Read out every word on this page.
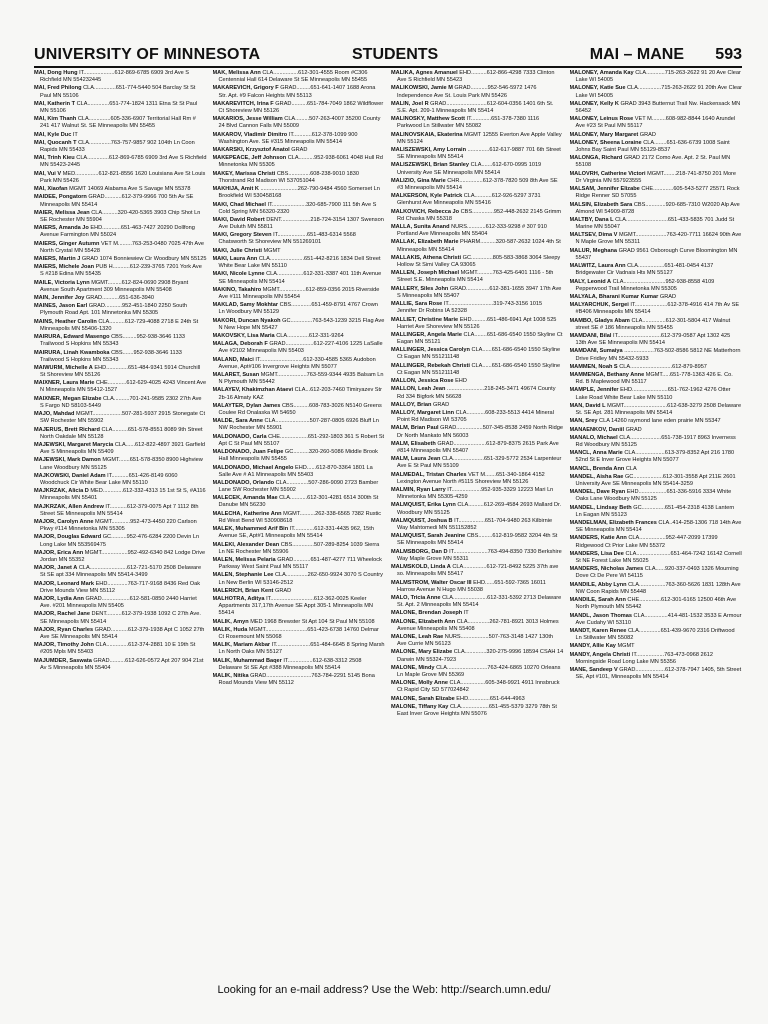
UNIVERSITY OF MINNESOTA	STUDENTS	MAI – MANE 593
MAI, Dong Hung IT....................612-869-6785 6909 3rd Ave S Richfield MN 554232445
MAI, Fred Philong CLA..............651-774-5440 504 Barclay St St Paul MN 55106
MAI, Katherin T CLA..............651-774-1824 1311 Etna St St Paul MN 55106
MAI, Kim Thanh CLA..............605-336-6907 Territorial Hall Rm # 241 417 Walnut St. SE Minneapolis MN 55455
MAI, Kyle Duc IT
MAI, Quocanh T CLA..............763-757-9857 902 104th Ln Coon Rapids MN 55433
MAI, Trinh Kieu CLA..............612-869-6785 6909 3rd Ave S Richfield MN 55423-2445
MAI, Vui V MED...............612-821-8556 1620 Louisiana Ave St Louis Park MN 55426
MAI, Xiaofan MGMT 14069 Alabama Ave S Savage MN 55378
MAIDEE, Pongatorn GRAD...........612-379-9966 700 5th Av SE Minneapolis MN 55414
MAIER, Melissa Jean CLA..........320-420-5365 3903 Chip Shot Ln SE Rochester MN 55904
MAIERS, Amanda Jo EHD............651-463-7427 20290 Dollfong Avenue Farmington MN 55024
MAIERS, Ginger Autumn VET M.........763-253-0480 7025 47th Ave North Crystal MN 55428
MAIERS, Martin J GRAD 1074 Bonniewiew Cir Woodbury MN 55125
MAIERS, Michele Joan PUB H...........612-239-3765 7201 York Ave S #218 Edina MN 55435
MAILE, Victoria Lynn MGMT.........612-824-0690 2908 Bryant Avenue South Apartment 309 Minneapolis MN 55408
MAIN, Jennifer Joy GRAD...........651-636-3940
MAINES, Jason Earl GRAD...........952-451-1840 2250 South Plymouth Road Apt. 101 Minnetonka MN 55305
MAINS, Heather Carolin CLA..........612-729-4088 2718 E 24th St Minneapolis MN 55406-1320
MAIRURA, Edward Masengo CBS.........952-938-3646 1133 Trailwood S Hopkins MN 55343
MAIRURA, Linah Kwamboka CBS.......952-938-3646 1133 Trailwood S Hopkins MN 55343
MAIWURM, Michelle A EHD..............651-484-9341 5914 Churchill St Shoreview MN 55126
MAIXNER, Laura Marie CHE............612-629-4025 4243 Vincent Ave N Minneapolis MN 55412-1527
MAIXNER, Megan Elizabe CLA..........701-241-9585 2302 27th Ave S Fargo ND 58103-5449
MAJO, Mahdad MGMT...................507-281-5937 2915 Stonegate Ct SW Rochester MN 55902
MAJERUS, Brett Richard CLA..........651-578-8551 8089 9th Street North Oakdale MN 55128
MAJEWSKI, Margaret Marycia CLA......612-822-4897 3921 Garfield Ave S Minneapolis MN 55409
MAJEWSKI, Mark Damon MGMT.......651-578-8350 8900 Highview Lane Woodbury MN 55125
MAJKOWSKI, Daniel Adam IT...........651-426-8149 6060 Woodchuck Cir White Bear Lake MN 55110
MAJKRZAK, Alicia D MED.............612-332-4313 15 1st St S, #A116 Minneapolis MN 55401
MAJKRZAK, Allen Andrew IT...........612-379-0075 Apt 7 1112 8th Street SE Minneapolis MN 55414
MAJOR, Carolyn Anne MGMT............952-473-4450 220 Carlson Pkwy #114 Minnetonka MN 55305
MAJOR, Douglas Edward GC..........952-476-6284 2200 Devin Ln Long Lake MN 553569475
MAJOR, Erica Ann MGMT.................952-492-6340 842 Lodge Drive Jordan MN 55352
MAJOR, Janet A CLA........................612-721-5170 2508 Delaware St SE apt 334 Minneapolis MN 55414-3499
MAJOR, Leonard Mark EHD.............763-717-9168 8436 Red Oak Drive Mounds View MN 55112
MAJOR, Lydia Ann GRAD..................612-581-0850 2440 Harriet Ave. #201 Minneapolis MN 55405
MAJOR, Rachel Jane DENT..........612-379-1938 1092 C 27th Ave. SE Minneapolis MN 55414
MAJOR, Ryan Charles GRAD...........612-379-1938 Apt C 1052 27th Ave SE Minneapolis MN 55414
MAJOR, Timothy John CLA..............612-374-2881 10 E 19th St #205 Mpls MN 55403
MAJUMDER, Saswata GRAD..........612-626-0572 Apt 207 904 21st Av S Minneapolis MN 55404
MAK, Melissa Ann CLA................612-301-4555 Room #C306 Centennial Hall 614 Delaware St SE Minneapolis MN 55455
MAKAREVICH, Grigory F GRAD.........651-641-1407 1688 Arona Str. Apt. #9 Falcon Heights MN 55113
MAKAREVITCH, Irina F GRAD..........651-784-7049 1862 Wildflower Ct Shoreview MN 55126
MAKARIOS, Jesse William CLA.........507-263-4007 35200 County 24 Blvd Cannon Falls MN 55009
MAKAROV, Vladimir Dimitro IT............612-378-1099 900 Washington Ave. SE #315 Minneapolis MN 55414
MAKARSKI, Krzysztof Anatol GRAD
MAKEPEACE, Jeff Johnson CLA..........952-938-6061 4048 Hull Rd Minnetonka MN 55305
MAKEY, Marissa Christi CBS..............608-238-9010 1830 Thorstrand Rd Madison WI 537051044
MAKHIJA, Amit K ........................262-790-9484 4560 Somerset Ln Brookfield WI 530458168
MAKI, Chad Michael IT......................320-685-7900 111 5th Ave S Cold Spring MN 56320-2320
MAKI, David Robert DENT...................218-724-3154 1307 Swenson Ave Duluth MN 55811
MAKI, Gregory Steven IT...................651-483-6314 5568 Chatsworth St Shoreview MN 551269101
MAKI, Julie Christi MGMT
MAKI, Laura Ann CLA......................651-442-8216 1834 Dell Street White Bear Lake MN 55110
MAKI, Nicole Lynne CLA.................612-331-3387 401 11th Avenue SE Minneapolis MN 55414
MAKINO, Takahiro MGMT.................612-859-0356 2015 Riverside Ave #111 Minneapolis MN 55454
MAKLAD, Samy Mokhtar CBS.............651-459-8791 4767 Crown Ln Woodbury MN 55129
MAKORI, Duncan Nyakoh GC..............763-543-1239 3215 Flag Ave N New Hope MN 55427
MAKOVSKY, Lisa Maria CLA..............612-331-9264
MALAGA, Deborah F GRAD..................612-227-4106 1225 LaSalle Ave #2102 Minneapolis MN 55403
MALAND, Maici IT............................612-330-4585 5365 Audobon Avenue, Apt#106 Invergrove Heights MN 55077
MALARET, Susan MGMT...................763-559-9344 4935 Balsam Ln N Plymouth MN 55442
MALAYEV, Khakimzhan Ataevi CLA...612-203-7460 Timiryazev Str 2b-16 Almaty KAZ
MALAYTER, Dylan James CBS..........608-783-3026 N5140 Greens Coulee Rd Onalaska WI 54650
MALDE, Sara Anne CLA......................507-287-0805 6926 Bluff Ln NW Rochester MN 55901
MALDONADO, Carla CHE..................651-292-1803 361 S Robert St Apt C St Paul MN 55107
MALDONADO, Juan Felipe GC..........320-260-5086 Middle Brook Hall Minneapolis MN 55455
MALDONADO, Michael Angelo EHD......612-870-3364 1801 La Salle Ave # A1 Minneapolis MN 55403
MALDONADO, Orlando CLA..............507-286-9090 2723 Bamber Lane SW Rochester MN 55902
MALECEK, Amanda Mae CLA...........612-301-4281 6514 300th St Danube MN 56230
MALECHA, Katherine Ann MGMT..........262-338-6565 7382 Rustic Rd West Bend WI 530908618
MALEK, Muhammed Arif Bin IT.............612-331-4435 962, 15th Avenue SE, Apt#1 Minneapolis MN 55414
MALEKI, Alexander Dean CBS..............507-289-8254 1039 Sierra Ln NE Rochester MN 55906
MALEN, Melissa Pelaria GRAD...........651-487-4277 711 Wheelock Parkway West Saint Paul MN 55117
MALEN, Stephanie Lee CLA..............262-650-9924 3070 S Country Ln New Berlin WI 53146-2512
MALERICH, Brian Kent GRAD
MALHOTRA, Aditya IT............................612-362-0025 Keeler Appartments 317,17th Avenue SE Appt 305-1 Minneapolis MN 55414
MALIK, Amyn MED 1968 Brewster St Apt 104 St Paul MN 55108
MALIK, Huda MGMT...........................651-423-6738 14760 Delmar Ct Rosemount MN 55068
MALIK, Mariam Akbar IT......................651-484-6645 8 Spring Marsh Ln North Oaks MN 55127
MALIK, Muhammad Baqer IT................612-638-3312 2508 Delaware St SE Apt #388 Minneapolis MN 55414
MALIK, Nitika GRAD.............................763-784-2291 5145 Bona Road Mounds View MN 55112
MALIKA, Agnes Amanuel EHD..........612-866-4298 7333 Clinton Ave S Richfield MN 55423
MALIKOWSKI, Jamie M GRAD...........952-546-5972 1476 Independence Ave St. Louis Park MN 55426
MALIN, Joel R GRAD..........................612-604-0356 1401 6th St. S.E. Apt. 209-1 Minneapolis MN 55414
MALINOSKY, Matthew Scott IT.............651-378-7380 1116 Parkwood Ln Stillwater MN 55082
MALINOVSKAIA, Ekaterina MGMT 12555 Everton Ave Apple Valley MN 55124
MALISZEWSKI, Amy Lorrain ..............612-617-9887 701 6th Street SE Minneapolis MN 55414
MALISZEWSKI, Brian Stanley CLA.......612-670-0995 1019 University Ave SE Minneapolis MN 55414
MALIZIO, Gina Marie CHR...............612-378-7820 509 8th Ave SE #3 Minneapolis MN 55414
MALKERSON, Kyle Patrick CLA...........612-926-5297 3731 Glenhurst Ave Minneapolis MN 55416
MALKOVICH, Rebecca Jo CBS..............952-448-2632 2145 Grimm Rd Chaska MN 55318
MALLA, Sunita Anand NURS............612-333-9298 # 307 910 Portland Ave Minneapolis MN 55404
MALLAK, Elizabeth Marie PHARM..........320-587-2632 1024 4th St Minneapolis MN 55414
MALLAKIS, Athena Christi GC..............805-583-3868 3064 Sleepy Hollow St Simi Valley CA 93065
MALLEN, Joseph Michael MGMT..........763-425-6401 1116 - 5th Street S.E. Minneapolis MN 55414
MALLERY, Siles John GRAD...............612-381-1655 3947 17th Ave S Minneapolis MN 55407
MALLIE, Sara Rose IT.............................319-743-3156 1015 Jennifer Dr Robins IA 52328
MALLIET, Christine Marie EHD..........651-486-6941 Apt 1008 525 Harriet Ave Shoreview MN 55126
MALLINGER, Angela Marie CLA........651-686-6540 1550 Skyline Ct Eagan MN 55121
MALLINGER, Jessica Carolyn CLA......651-686-6540 1550 Skyline Ct Eagan MN 551211148
MALLINGER, Rebekah Christi CLA......651-686-6540 1550 Skyline Ct Eagan MN 551211148
MALLON, Jessica Rose EHD
MALLON, Leah Jean ........................218-245-3471 49674 County Rd 334 Bigfork MN 56628
MALLOY, Brian GRAD
MALLOY, Margaret Linn CLA............608-233-5513 4414 Mineral Point Rd Madison WI 53705
MALM, Brian Paul GRAD.................507-345-8538 2459 North Ridge Dr North Mankato MN 56003
MALM, Elisabeth GRAD.....................612-879-8375 2615 Park Ave #814 Minneapolis MN 55407
MALM, Laura Jean CLA....................651-329-5772 2534 Larpenteur Ave E St Paul MN 55109
MALMEDAL, Tristan Charles VET M.......651-340-1864 4152 Lexington Avenue North #5115 Shoreview MN 55126
MALMIN, Ryan Larry IT...................952-935-3329 12223 Mari Ln Minnetonka MN 55305-4259
MALMQUIST, Erika Lynn CLA..........612-269-4584 2693 Mallard Dr. Woodbury MN 55125
MALMQUIST, Joshua B IT.................651-704-9480 263 Kilbirnie Way Mahtomedi MN 551152852
MALMQUIST, Sarah Jeanine CBS.........612-819-9582 3204 4th St SE Minneapolis MN 55414
MALMSBORG, Dan D IT......................763-494-8350 7330 Berkshire Way Maple Grove MN 55311
MALMSKOLD, Linda A CLA...............612-721-8492 5225 37th ave so. Minneapolis MN 55417
MALMSTROM, Walter Oscar III EHD......651-592-7365 16011 Harrow Avenue N Hugo MN 55038
MALO, Tricia Anne CLA......................612-331-5392 2713 Delaware St. Apt. 2 Minneapolis MN 55414
MALONE, Brendan Joseph IT
MALONE, Elizabeth Ann CLA..............262-781-8921 3013 Holmes Avenue Minneapolis MN 55408
MALONE, Leah Rae NURS..................507-763-3148 1427 130th Ave Currie MN 56123
MALONE, Mary Elizabe CLA..............320-275-9996 18594 CSAH 14 Darwin MN 55324-7923
MALONE, Mindy CLA..........................763-424-6865 10270 Orleans Ln Maple Grove MN 55369
MALONE, Molly Anne CLA................605-348-9921 4911 Innsbruck Ct Rapid City SD 577024842
MALONE, Sarah Elizabe EHD..............651-644-4963
MALONE, Tiffany Kay CLA..................651-455-5379 3279 78th St East Inver Grove Heights MN 55076
MALONEY, Amanda Kay CLA............715-263-2622 91 20 Ave Clear Lake WI 54005
MALONEY, Katie Sue CLA...............715-263-2622 91 20th Ave Clear Lake WI 54005
MALONEY, Kelly K GRAD 3943 Butternut Trail Nw. Hackensack MN 56452
MALONEY, Leinus Rose VET M.........608-982-8844 1640 Arundel Ave #23 St Paul MN 55117
MALONEY, Mary Margaret GRAD
MALONEY, Sheena Loraine CLA........651-636-6739 1008 Saint Johns Bay Saint Paul MN 55129-8537
MALONGA, Richard GRAD 2172 Como Ave. Apt. 2 St. Paul MN 55108
MALOVRH, Catherine Victori MGMT........218-741-8750 201 More Dr Virginia MN 557923555
MALSAM, Jennifer Elizabe CHE.............605-543-5277 25571 Rock Ridge Renner SD 57055
MALSIN, Elizabeth Sara CBS.............920-685-7310 W2020 Alp Ave Almond WI 54909-8728
MALTBY, Dana L CLA...........................651-433-5835 701 Judd St Marine MN 55047
MALTSEV, Dima V MGMT....................763-420-7711 16624 90th Ave N Maple Grove MN 55311
MALUR, Meghana GRAD 9561 Oxborough Curve Bloomington MN 55437
MALWITZ, Laura Ann CLA.................651-481-0454 4137 Bridgewater Cir Vadnais Hts MN 55127
MALY, Leonid A CLA...........................952-938-8558 4109 Pepperwood Trail Minnetonka MN 55305
MALYALA, Bharani Kumar Kumar GRAD
MALYARCHUK, Sergei IT.....................612-378-4916 414 7th Av SE #B406 Minneapolis MN 55414
MAMBO, Gladys Abam CLA...............612-301-5804 417 Walnut street SE # 186 Minneapolis MN 55455
MAMDANI, Bilal IT............................612-379-0587 Apt 1302 425 13th Ave SE Minneapolis MN 55414
MAMDANI, Sumaiya ...................763-502-8586 5812 NE Matterhorn Drive Fridley MN 55432-5933
MAMMEN, Noah S CLA...........................612-879-8957
MAMMENGA, Bethany Anne MGMT.....651-778-1363 426 E. Co. Rd. B Maplewood MN 55117
MAMPLE, Jennifer EHD.......................651-762-1962 4276 Otter Lake Road White Bear Lake MN 55110
MAN, David L MGMT............................612-638-3279 2508 Delaware St. SE Apt. 281 Minneapolis MN 55414
MAN, Srey CLA 14260 raymond lane eden prairie MN 55347
MANAENKOV, Daniil GRAD
MANALO, Michael CLA....................651-738-1917 8963 Inverness Rd Woodbury MN 55125
MANCL, Anna Marie CLA...................613-379-8352 Apt 216 1780 52nd St E Inver Grove Heights MN 55077
MANCL, Brenda Ann CLA
MANDEL, Aisha Rae GC...................612-301-3558 Apt 211E 2601 University Ave SE Minneapolis MN 55414-3259
MANDEL, Dave Ryan EHD..................651-336-5916 3334 White Oaks Lane Woodbury MN 55125
MANDEL, Lindsay Beth GC...............651-454-2318 4138 Lantern Ln Eagan MN 55123
MANDELMAN, Elizabeth Frances CLA..414-258-1306 718 14th Ave SE Minneapolis MN 55414
MANDERS, Katie Ann CLA.................952-447-2099 17399 Ridgewood Ct Prior Lake MN 55372
MANDERS, Lisa Dee CLA......................651-464-7242 16142 Cornell St NE Forest Lake MN 55025
MANDERS, Nicholas James CLA......920-337-0493 1326 Mourning Dove Ct De Pere WI 54115
MANDILE, Abby Lynn CLA.................763-360-5626 1831 128th Ave NW Coon Rapids MN 55448
MANDILE, Sarah Ann CHE..............612-301-6165 12500 46th Ave North Plymouth MN 55442
MANDL, Jason Thomas CLA...............414-481-1532 3533 E Armour Ave Cudahy WI 53110
MANDT, Karen Renee CLA..............651-439-9670 2316 Driftwood Ln Stillwater MN 55082
MANDY, Allie Kay MGMT
MANDY, Angela Christi IT..................763-473-0968 2612 Morningside Road Long Lake MN 55356
MANE, Sandeep V GRAD...................612-378-7947 1405, 5th Street SE, Apt #101, Minneapolis MN 55414
Looking for an e-mail address? Use the Web: http://search.umn.edu/
